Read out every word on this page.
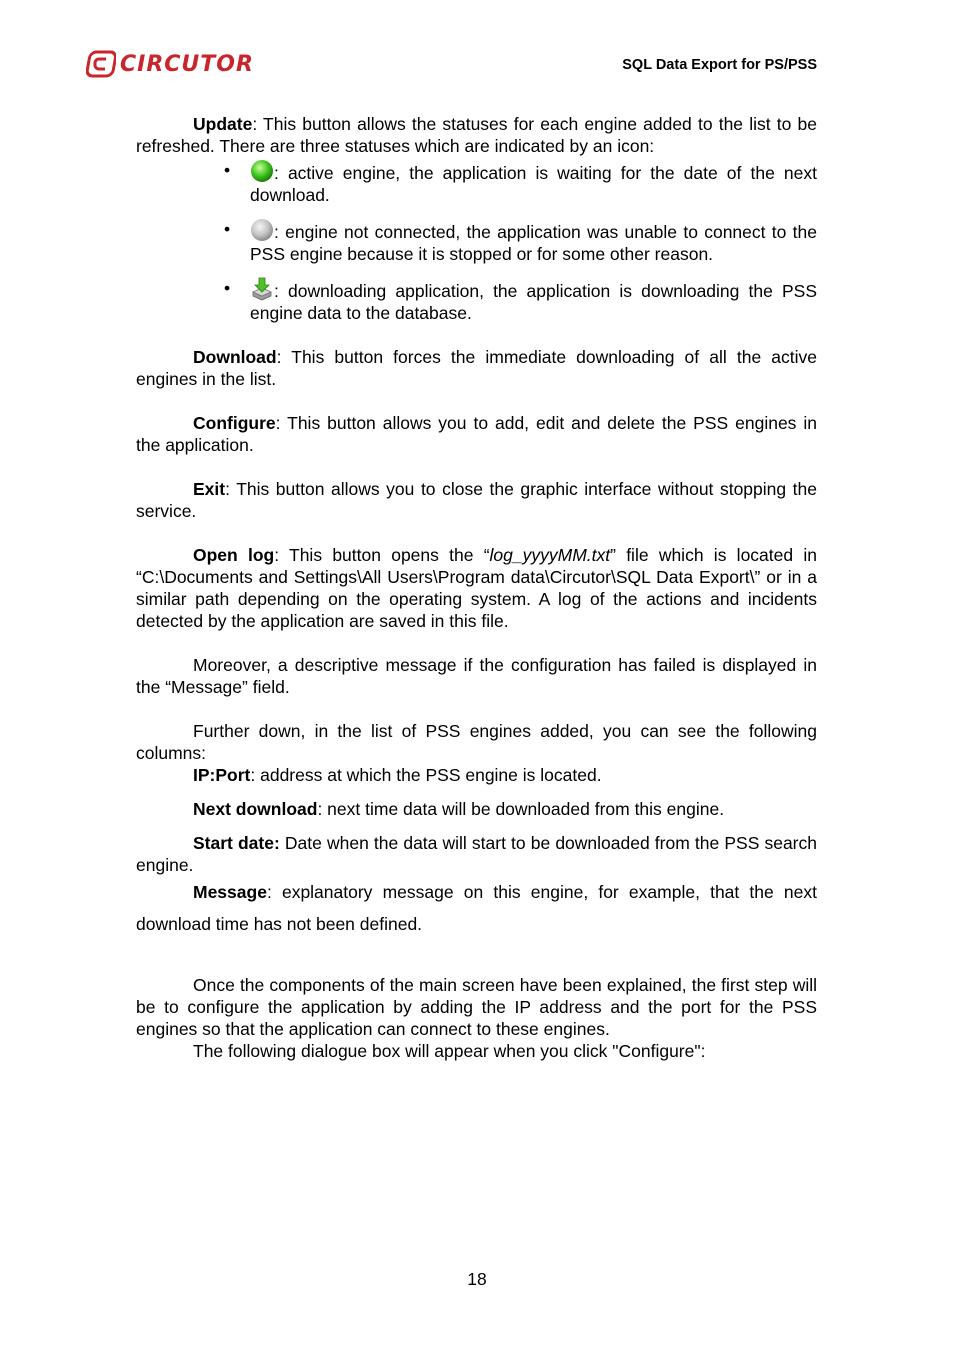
CIRCUTOR	SQL Data Export for PS/PSS

Update: This button allows the statuses for each engine added to the list to be refreshed. There are three statuses which are indicated by an icon:

•	: active engine, the application is waiting for the date of the next download.
•	: engine not connected, the application was unable to connect to the PSS engine because it is stopped or for some other reason.
•	: downloading application, the application is downloading the PSS engine data to the database.

Download: This button forces the immediate downloading of all the active engines in the list.

Configure: This button allows you to add, edit and delete the PSS engines in the application.

Exit: This button allows you to close the graphic interface without stopping the service.

Open log: This button opens the “log_yyyyMM.txt” file which is located in “C:\Documents and Settings\All Users\Program data\Circutor\SQL Data Export\” or in a similar path depending on the operating system. A log of the actions and incidents detected by the application are saved in this file.

Moreover, a descriptive message if the configuration has failed is displayed in the “Message” field.

Further down, in the list of PSS engines added, you can see the following columns:

IP:Port: address at which the PSS engine is located.

Next download: next time data will be downloaded from this engine.

Start date: Date when the data will start to be downloaded from the PSS search engine.

Message: explanatory message on this engine, for example, that the next download time has not been defined.

Once the components of the main screen have been explained, the first step will be to configure the application by adding the IP address and the port for the PSS engines so that the application can connect to these engines.

The following dialogue box will appear when you click "Configure":

18
